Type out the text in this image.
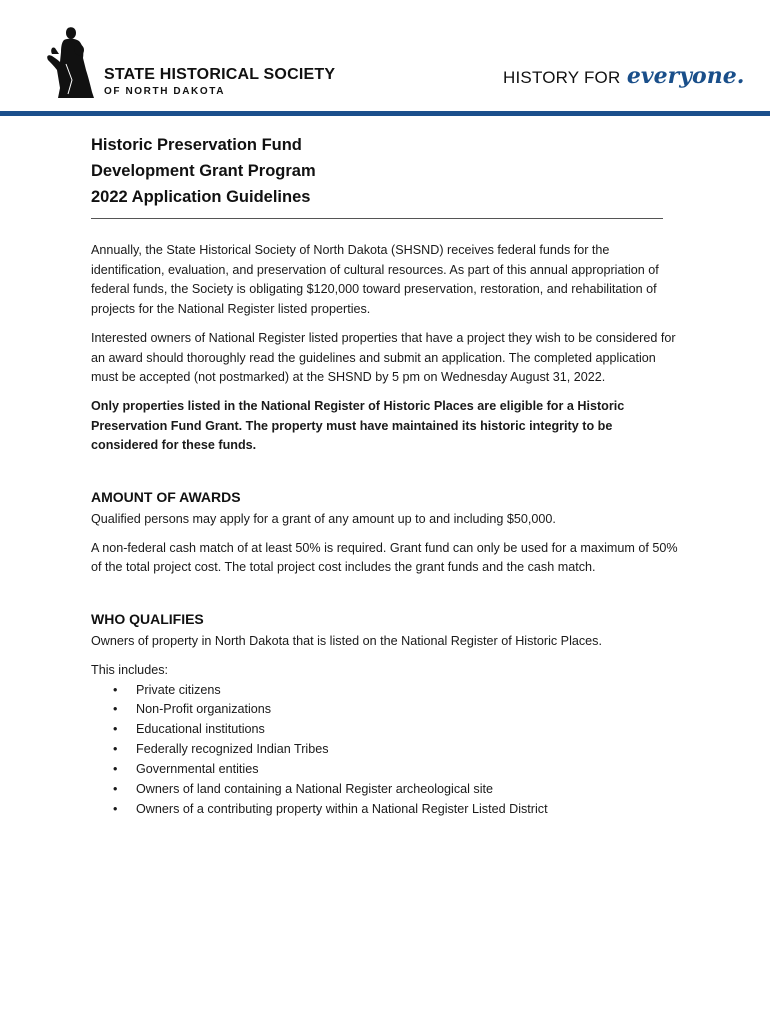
STATE HISTORICAL SOCIETY
OF NORTH DAKOTA
HISTORY FOR everyone.
Historic Preservation Fund
Development Grant Program
2022 Application Guidelines

Annually, the State Historical Society of North Dakota (SHSND) receives federal funds for the identification, evaluation, and preservation of cultural resources. As part of this annual appropriation of federal funds, the Society is obligating $120,000 toward preservation, restoration, and rehabilitation of projects for the National Register listed properties.

Interested owners of National Register listed properties that have a project they wish to be considered for an award should thoroughly read the guidelines and submit an application. The completed application must be accepted (not postmarked) at the SHSND by 5 pm on Wednesday August 31, 2022.

Only properties listed in the National Register of Historic Places are eligible for a Historic Preservation Fund Grant. The property must have maintained its historic integrity to be considered for these funds.

AMOUNT OF AWARDS

Qualified persons may apply for a grant of any amount up to and including $50,000.

A non-federal cash match of at least 50% is required. Grant fund can only be used for a maximum of 50% of the total project cost. The total project cost includes the grant funds and the cash match.

WHO QUALIFIES

Owners of property in North Dakota that is listed on the National Register of Historic Places.

This includes:

• Private citizens
• Non-Profit organizations
• Educational institutions
• Federally recognized Indian Tribes
• Governmental entities
• Owners of land containing a National Register archeological site
• Owners of a contributing property within a National Register Listed District
